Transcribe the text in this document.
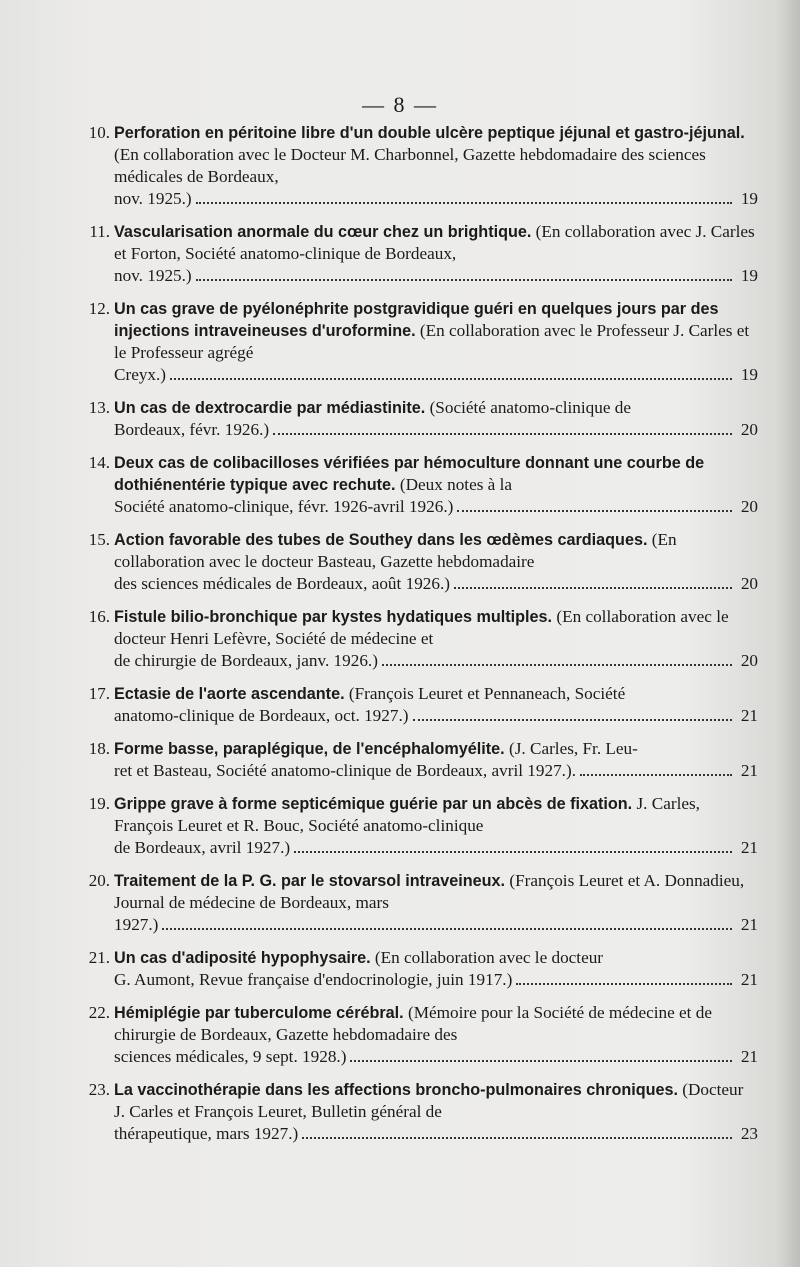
— 8 —
10. Perforation en péritoine libre d'un double ulcère peptique jéjunal et gastro-jéjunal. (En collaboration avec le Docteur M. Charbonnel, Gazette hebdomadaire des sciences médicales de Bordeaux,
nov. 1925.)	19
11. Vascularisation anormale du cœur chez un brightique. (En collaboration avec J. Carles et Forton, Société anatomo-clinique de Bordeaux,
nov. 1925.)	19
12. Un cas grave de pyélonéphrite postgravidique guéri en quelques jours par des injections intraveineuses d'uroformine. (En collaboration avec le Professeur J. Carles et le Professeur agrégé
Creyx.)	19
13. Un cas de dextrocardie par médiastinite. (Société anatomo-clinique de
Bordeaux, févr. 1926.)	20
14. Deux cas de colibacilloses vérifiées par hémoculture donnant une courbe de dothiénentérie typique avec rechute. (Deux notes à la
Société anatomo-clinique, févr. 1926-avril 1926.)	20
15. Action favorable des tubes de Southey dans les œdèmes cardiaques. (En collaboration avec le docteur Basteau, Gazette hebdomadaire
des sciences médicales de Bordeaux, août 1926.)	20
16. Fistule bilio-bronchique par kystes hydatiques multiples. (En collaboration avec le docteur Henri Lefèvre, Société de médecine et
de chirurgie de Bordeaux, janv. 1926.)	20
17. Ectasie de l'aorte ascendante. (François Leuret et Pennaneach, Société
anatomo-clinique de Bordeaux, oct. 1927.)	21
18. Forme basse, paraplégique, de l'encéphalomyélite. (J. Carles, Fr. Leu-
ret et Basteau, Société anatomo-clinique de Bordeaux, avril 1927.).	21
19. Grippe grave à forme septicémique guérie par un abcès de fixation. J. Carles, François Leuret et R. Bouc, Société anatomo-clinique
de Bordeaux, avril 1927.)	21
20. Traitement de la P. G. par le stovarsol intraveineux. (François Leuret et A. Donnadieu, Journal de médecine de Bordeaux, mars
1927.)	21
21. Un cas d'adiposité hypophysaire. (En collaboration avec le docteur
G. Aumont, Revue française d'endocrinologie, juin 1917.)	21
22. Hémiplégie par tuberculome cérébral. (Mémoire pour la Société de médecine et de chirurgie de Bordeaux, Gazette hebdomadaire des
sciences médicales, 9 sept. 1928.)	21
23. La vaccinothérapie dans les affections broncho-pulmonaires chroniques. (Docteur J. Carles et François Leuret, Bulletin général de
thérapeutique, mars 1927.)	23
